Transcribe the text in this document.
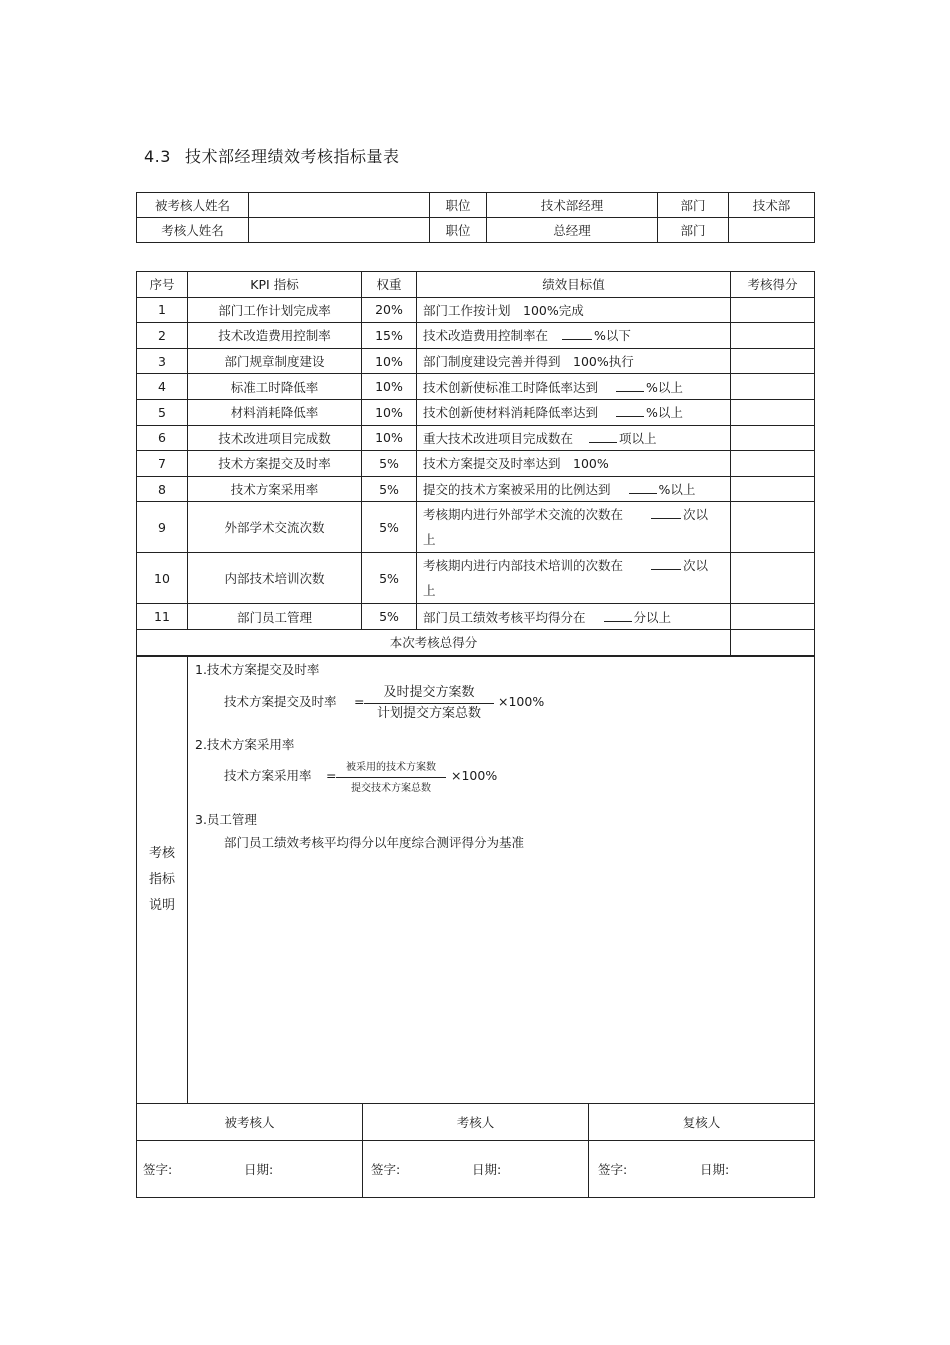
4.3 技术部经理绩效考核指标量表
被考核人姓名		职位	技术部经理	部门	技术部
考核人姓名		职位	总经理	部门	
序号	KPI 指标	权重	绩效目标值	考核得分
1	部门工作计划完成率	20%	部门工作按计划　100%完成	
2	技术改造费用控制率	15%	技术改造费用控制率在 %以下	
3	部门规章制度建设	10%	部门制度建设完善并得到　100%执行	
4	标准工时降低率	10%	技术创新使标准工时降低率达到 %以上	
5	材料消耗降低率	10%	技术创新使材料消耗降低率达到 %以上	
6	技术改进项目完成数	10%	重大技术改进项目完成数在 项以上	
7	技术方案提交及时率	5%	技术方案提交及时率达到　100%	
8	技术方案采用率	5%	提交的技术方案被采用的比例达到 %以上	
9	外部学术交流次数	5%	考核期内进行外部学术交流的次数在 次以
上	
10	内部技术培训次数	5%	考核期内进行内部技术培训的次数在 次以
上	
11	部门员工管理	5%	部门员工绩效考核平均得分在 分以上	
本次考核总得分				
考核
指标
说明

1.技术方案提交及时率
技术方案提交及时率 =
及时提交方案数
计划提交方案总数
×100%
2.技术方案采用率
技术方案采用率 =
被采用的技术方案数
提交技术方案总数
×100%
3.员工管理
部门员工绩效考核平均得分以年度综合测评得分为基准
被考核人	考核人	复核人

签字: 日期:	签字: 日期:	签字: 日期:
